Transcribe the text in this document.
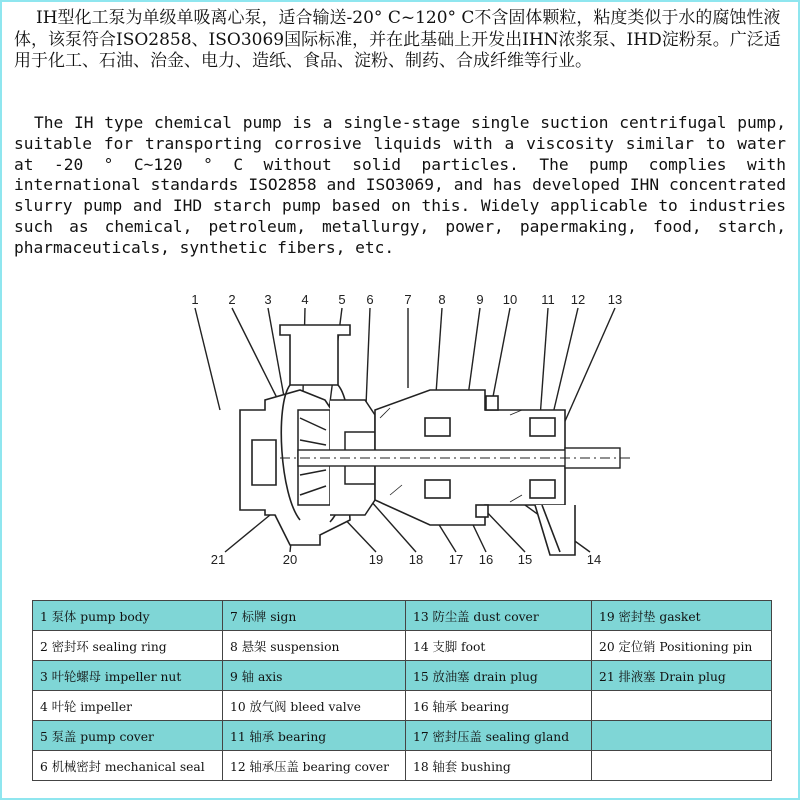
IH型化工泵为单级单吸离心泵，适合输送-20° C~120° C不含固体颗粒，粘度类似于水的腐蚀性液体，该泵符合ISO2858、ISO3069国际标准，并在此基础上开发出IHN浓浆泵、IHD淀粉泵。广泛适用于化工、石油、治金、电力、造纸、食品、淀粉、制药、合成纤维等行业。

The IH type chemical pump is a single-stage single suction centrifugal pump, suitable for transporting corrosive liquids with a viscosity similar to water at -20 ° C~120 ° C without solid particles. The pump complies with international standards ISO2858 and ISO3069, and has developed IHN concentrated slurry pump and IHD starch pump based on this. Widely applicable to industries such as chemical, petroleum, metallurgy, power, papermaking, food, starch, pharmaceuticals, synthetic fibers, etc.

1 2 3 4 5 6 7 8 9 10 11 12 13
21	20	19 18 17 16 15	14
1 泵体 pump body	7 标牌 sign	13 防尘盖 dust cover	19 密封垫 gasket
2 密封环 sealing ring	8 悬架 suspension	14 支脚 foot	20 定位销 Positioning pin
3 叶轮螺母 impeller nut	9 轴 axis	15 放油塞 drain plug	21 排液塞 Drain plug
4 叶轮 impeller	10 放气阀 bleed valve	16 轴承 bearing	
5 泵盖 pump cover	11 轴承 bearing	17 密封压盖 sealing gland	
6 机械密封 mechanical seal	12 轴承压盖 bearing cover	18 轴套 bushing	
